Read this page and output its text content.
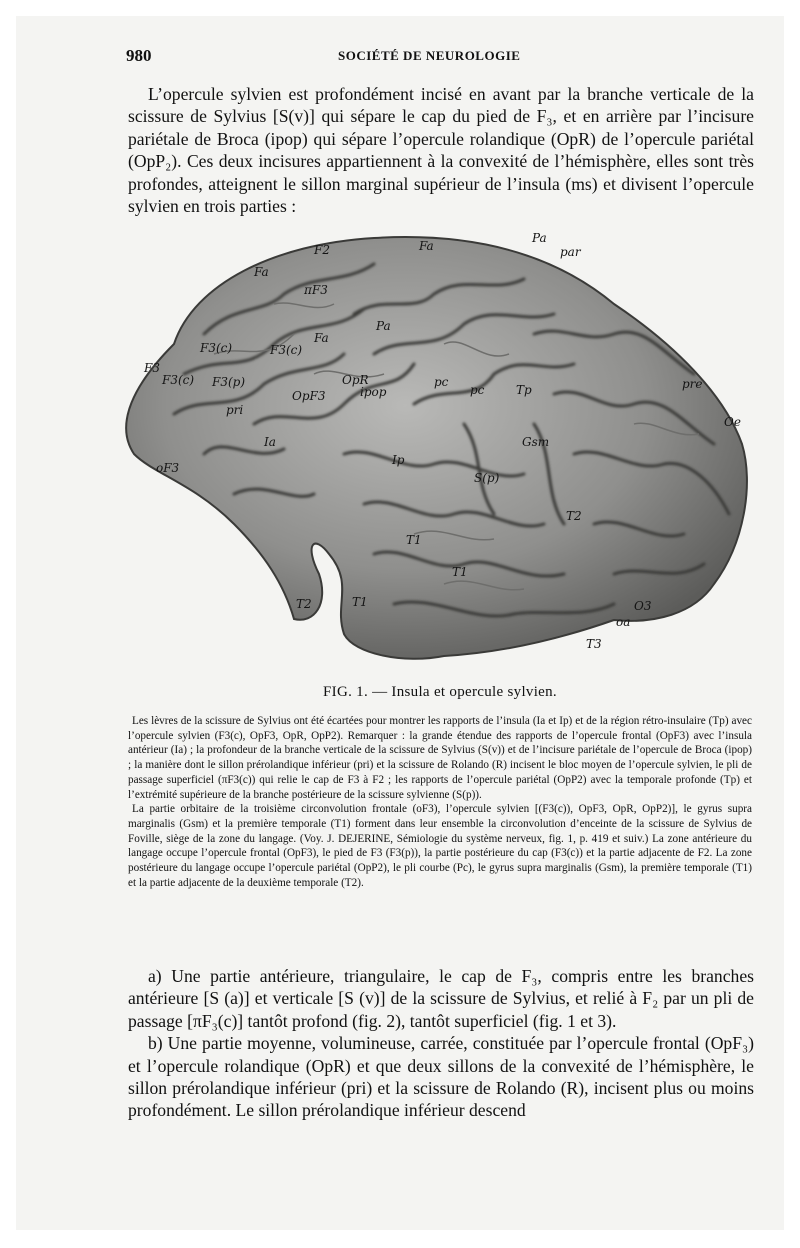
980	SOCIÉTÉ DE NEUROLOGIE

L’opercule sylvien est profondément incisé en avant par la branche verticale de la scissure de Sylvius [S(v)] qui sépare le cap du pied de F₃, et en arrière par l’incisure pariétale de Broca (ipop) qui sépare l’opercule rolandique (OpR) de l’opercule pariétal (OpP₂). Ces deux incisures appartiennent à la convexité de l’hémisphère, elles sont très profondes, atteignent le sillon marginal supérieur de l’insula (ms) et divisent l’opercule sylvien en trois parties :

F2	Fa
Pa
par
Fa
πF3
Fa
Pa
F3(c)	F3(c)
F3
F3(c) F3(p)	OpR
OpF3	ipop
pri
Ip
pc
pc
Ia
Tp
Gsm
S(p)
oF3
T1
T1
T1
T2
T2
Oe
O3
oa
T3
pre
FIG. 1. — Insula et opercule sylvien.

Les lèvres de la scissure de Sylvius ont été écartées pour montrer les rapports de l’insula (Ia et Ip) et de la région rétro-insulaire (Tp) avec l’opercule sylvien (F3(c), OpF3, OpR, OpP2). Remarquer : la grande étendue des rapports de l’opercule frontal (OpF3) avec l’insula antérieur (Ia) ; la profondeur de la branche verticale de la scissure de Sylvius (S(v)) et de l’incisure pariétale de l’opercule de Broca (ipop) ; la manière dont le sillon prérolandique inférieur (pri) et la scissure de Rolando (R) incisent le bloc moyen de l’opercule sylvien, le pli de passage superficiel (πF3(c)) qui relie le cap de F3 à F2 ; les rapports de l’opercule pariétal (OpP2) avec la temporale profonde (Tp) et l’extrémité supérieure de la branche postérieure de la scissure sylvienne (S(p)).

La partie orbitaire de la troisième circonvolution frontale (oF3), l’opercule sylvien [(F3(c)), OpF3, OpR, OpP2)], le gyrus supra marginalis (Gsm) et la première temporale (T1) forment dans leur ensemble la circonvolution d’enceinte de la scissure de Sylvius de Foville, siège de la zone du langage. (Voy. J. DEJERINE, Sémiologie du système nerveux, fig. 1, p. 419 et suiv.) La zone antérieure du langage occupe l’opercule frontal (OpF3), le pied de F3 (F3(p)), la partie postérieure du cap (F3(c)) et la partie adjacente de F2. La zone postérieure du langage occupe l’opercule pariétal (OpP2), le pli courbe (Pc), le gyrus supra marginalis (Gsm), la première temporale (T1) et la partie adjacente de la deuxième temporale (T2).

a) Une partie antérieure, triangulaire, le cap de F₃, compris entre les branches antérieure [S (a)] et verticale [S (v)] de la scissure de Sylvius, et relié à F₂ par un pli de passage [πF₃(c)] tantôt profond (fig. 2), tantôt superficiel (fig. 1 et 3).

b) Une partie moyenne, volumineuse, carrée, constituée par l’opercule frontal (OpF₃) et l’opercule rolandique (OpR) et que deux sillons de la convexité de l’hémisphère, le sillon prérolandique inférieur (pri) et la scissure de Rolando (R), incisent plus ou moins profondément. Le sillon prérolandique inférieur descend
